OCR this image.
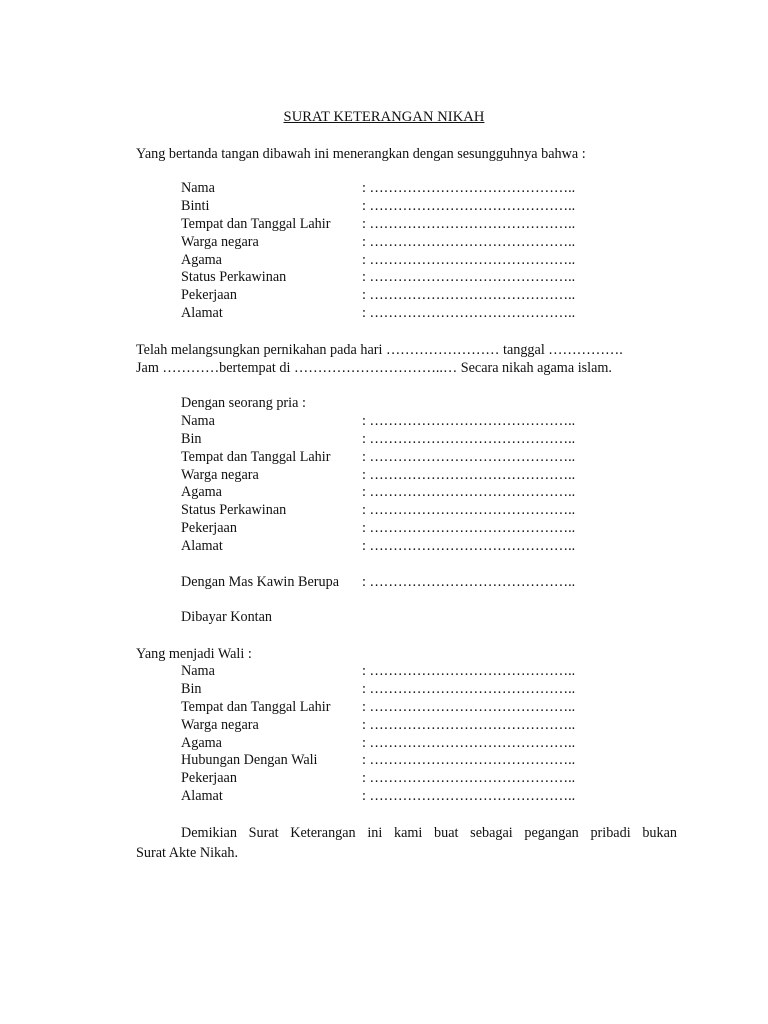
SURAT KETERANGAN NIKAH
Yang bertanda tangan dibawah ini menerangkan dengan sesungguhnya bahwa :
Nama	: ……………………………………..
Binti	: ……………………………………..
Tempat dan Tanggal Lahir : ……………………………………..
Warga negara	: ……………………………………..
Agama	: ……………………………………..
Status Perkawinan	: ……………………………………..
Pekerjaan	: ……………………………………..
Alamat	: ……………………………………..
Telah melangsungkan pernikahan pada hari …………………… tanggal …………….
Jam …………bertempat di …………………………..… Secara nikah agama islam.
Dengan seorang pria :
Nama	: ……………………………………..
Bin	: ……………………………………..
Tempat dan Tanggal Lahir : ……………………………………..
Warga negara	: ……………………………………..
Agama	: ……………………………………..
Status Perkawinan	: ……………………………………..
Pekerjaan	: ……………………………………..
Alamat	: ……………………………………..
Dengan Mas Kawin Berupa : ……………………………………..
Dibayar Kontan
Yang menjadi Wali :
Nama	: ……………………………………..
Bin	: ……………………………………..
Tempat dan Tanggal Lahir : ……………………………………..
Warga negara	: ……………………………………..
Agama	: ……………………………………..
Hubungan Dengan Wali	: ……………………………………..
Pekerjaan	: ……………………………………..
Alamat	: ……………………………………..
Demikian Surat Keterangan ini kami buat sebagai pegangan pribadi bukan
Surat Akte Nikah.
